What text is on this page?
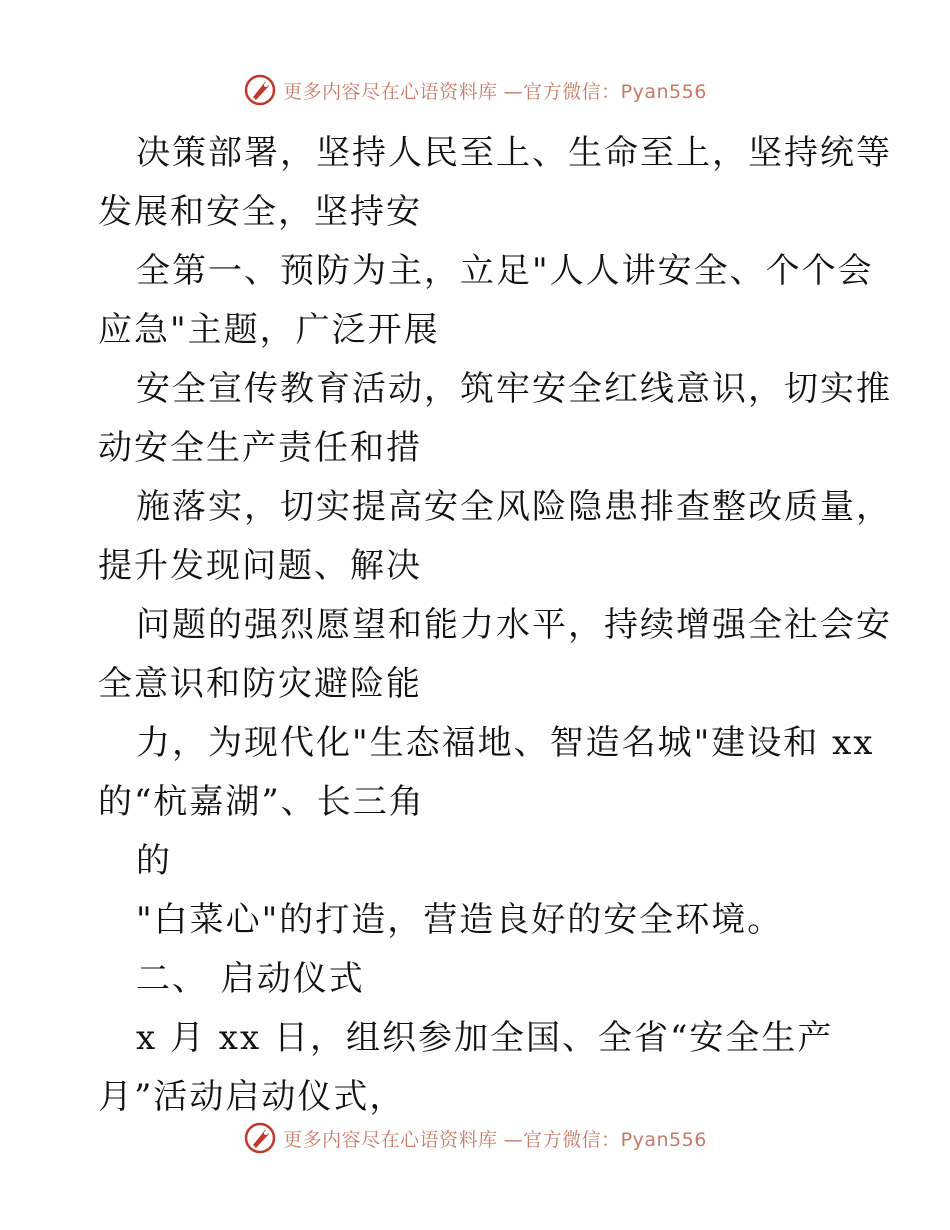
更多内容尽在心语资料库 —官方微信：Pyan556
决策部署，坚持人民至上、生命至上，坚持统等
发展和安全，坚持安
全第一、预防为主，立足"人人讲安全、个个会
应急"主题，广泛开展
安全宣传教育活动，筑牢安全红线意识，切实推
动安全生产责任和措
施落实，切实提高安全风险隐患排查整改质量，
提升发现问题、解决
问题的强烈愿望和能力水平，持续增强全社会安
全意识和防灾避险能
力，为现代化"生态福地、智造名城"建设和 xx
的“杭嘉湖”、长三角
的
"白菜心"的打造，营造良好的安全环境。
二、 启动仪式
x 月 xx 日，组织参加全国、全省“安全生产
月”活动启动仪式，
更多内容尽在心语资料库 —官方微信：Pyan556
